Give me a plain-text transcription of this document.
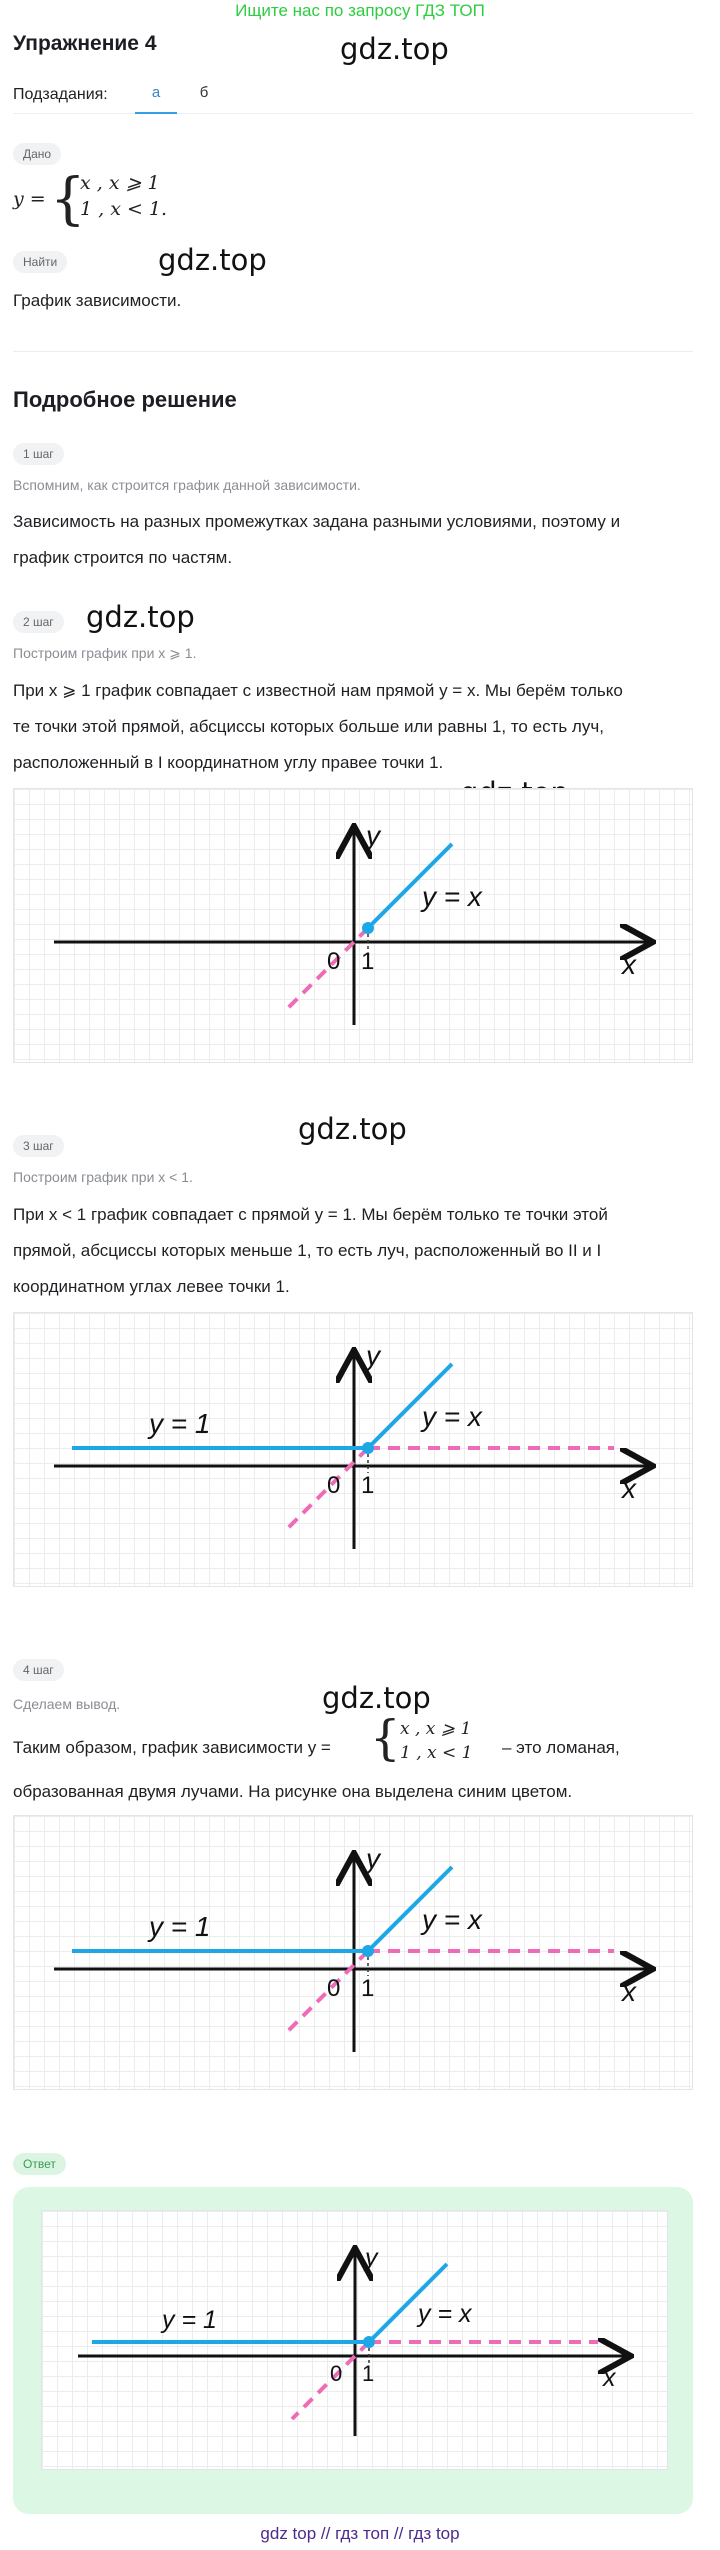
Ищите нас по запросу ГДЗ ТОП
gdz.top
gdz.top
gdz.top
gdz.top
gdz.top
Упражнение 4
Подзадания:	а	б
Дано
y = {
x , x ⩾ 1
1 , x < 1.
Найти
График зависимости.
Подробное решение
1 шаг
Вспомним, как строится график данной зависимости.
Зависимость на разных промежутках задана разными условиями, поэтому и
график строится по частям.
2 шаг
Построим график при x ⩾ 1.
При x ⩾ 1 график совпадает с известной нам прямой y = x. Мы берём только
те точки этой прямой, абсциссы которых больше или равны 1, то есть луч,
расположенный в I координатном углу правее точки 1.
y
x
0 1
y = x
3 шаг
Построим график при x < 1.
При x < 1 график совпадает с прямой y = 1. Мы берём только те точки этой
прямой, абсциссы которых меньше 1, то есть луч, расположенный во II и I
координатном углах левее точки 1.
y
x
0 1
y = x
y = 1
4 шаг
Сделаем вывод.
Таким образом, график зависимости y = { x , x ⩾ 1
1 , x < 1 – это ломаная,
образованная двумя лучами. На рисунке она выделена синим цветом.
y
x
0 1
y = x
y = 1
Ответ
y
x
0 1
y = x
y = 1
gdz top // гдз топ // гдз top
